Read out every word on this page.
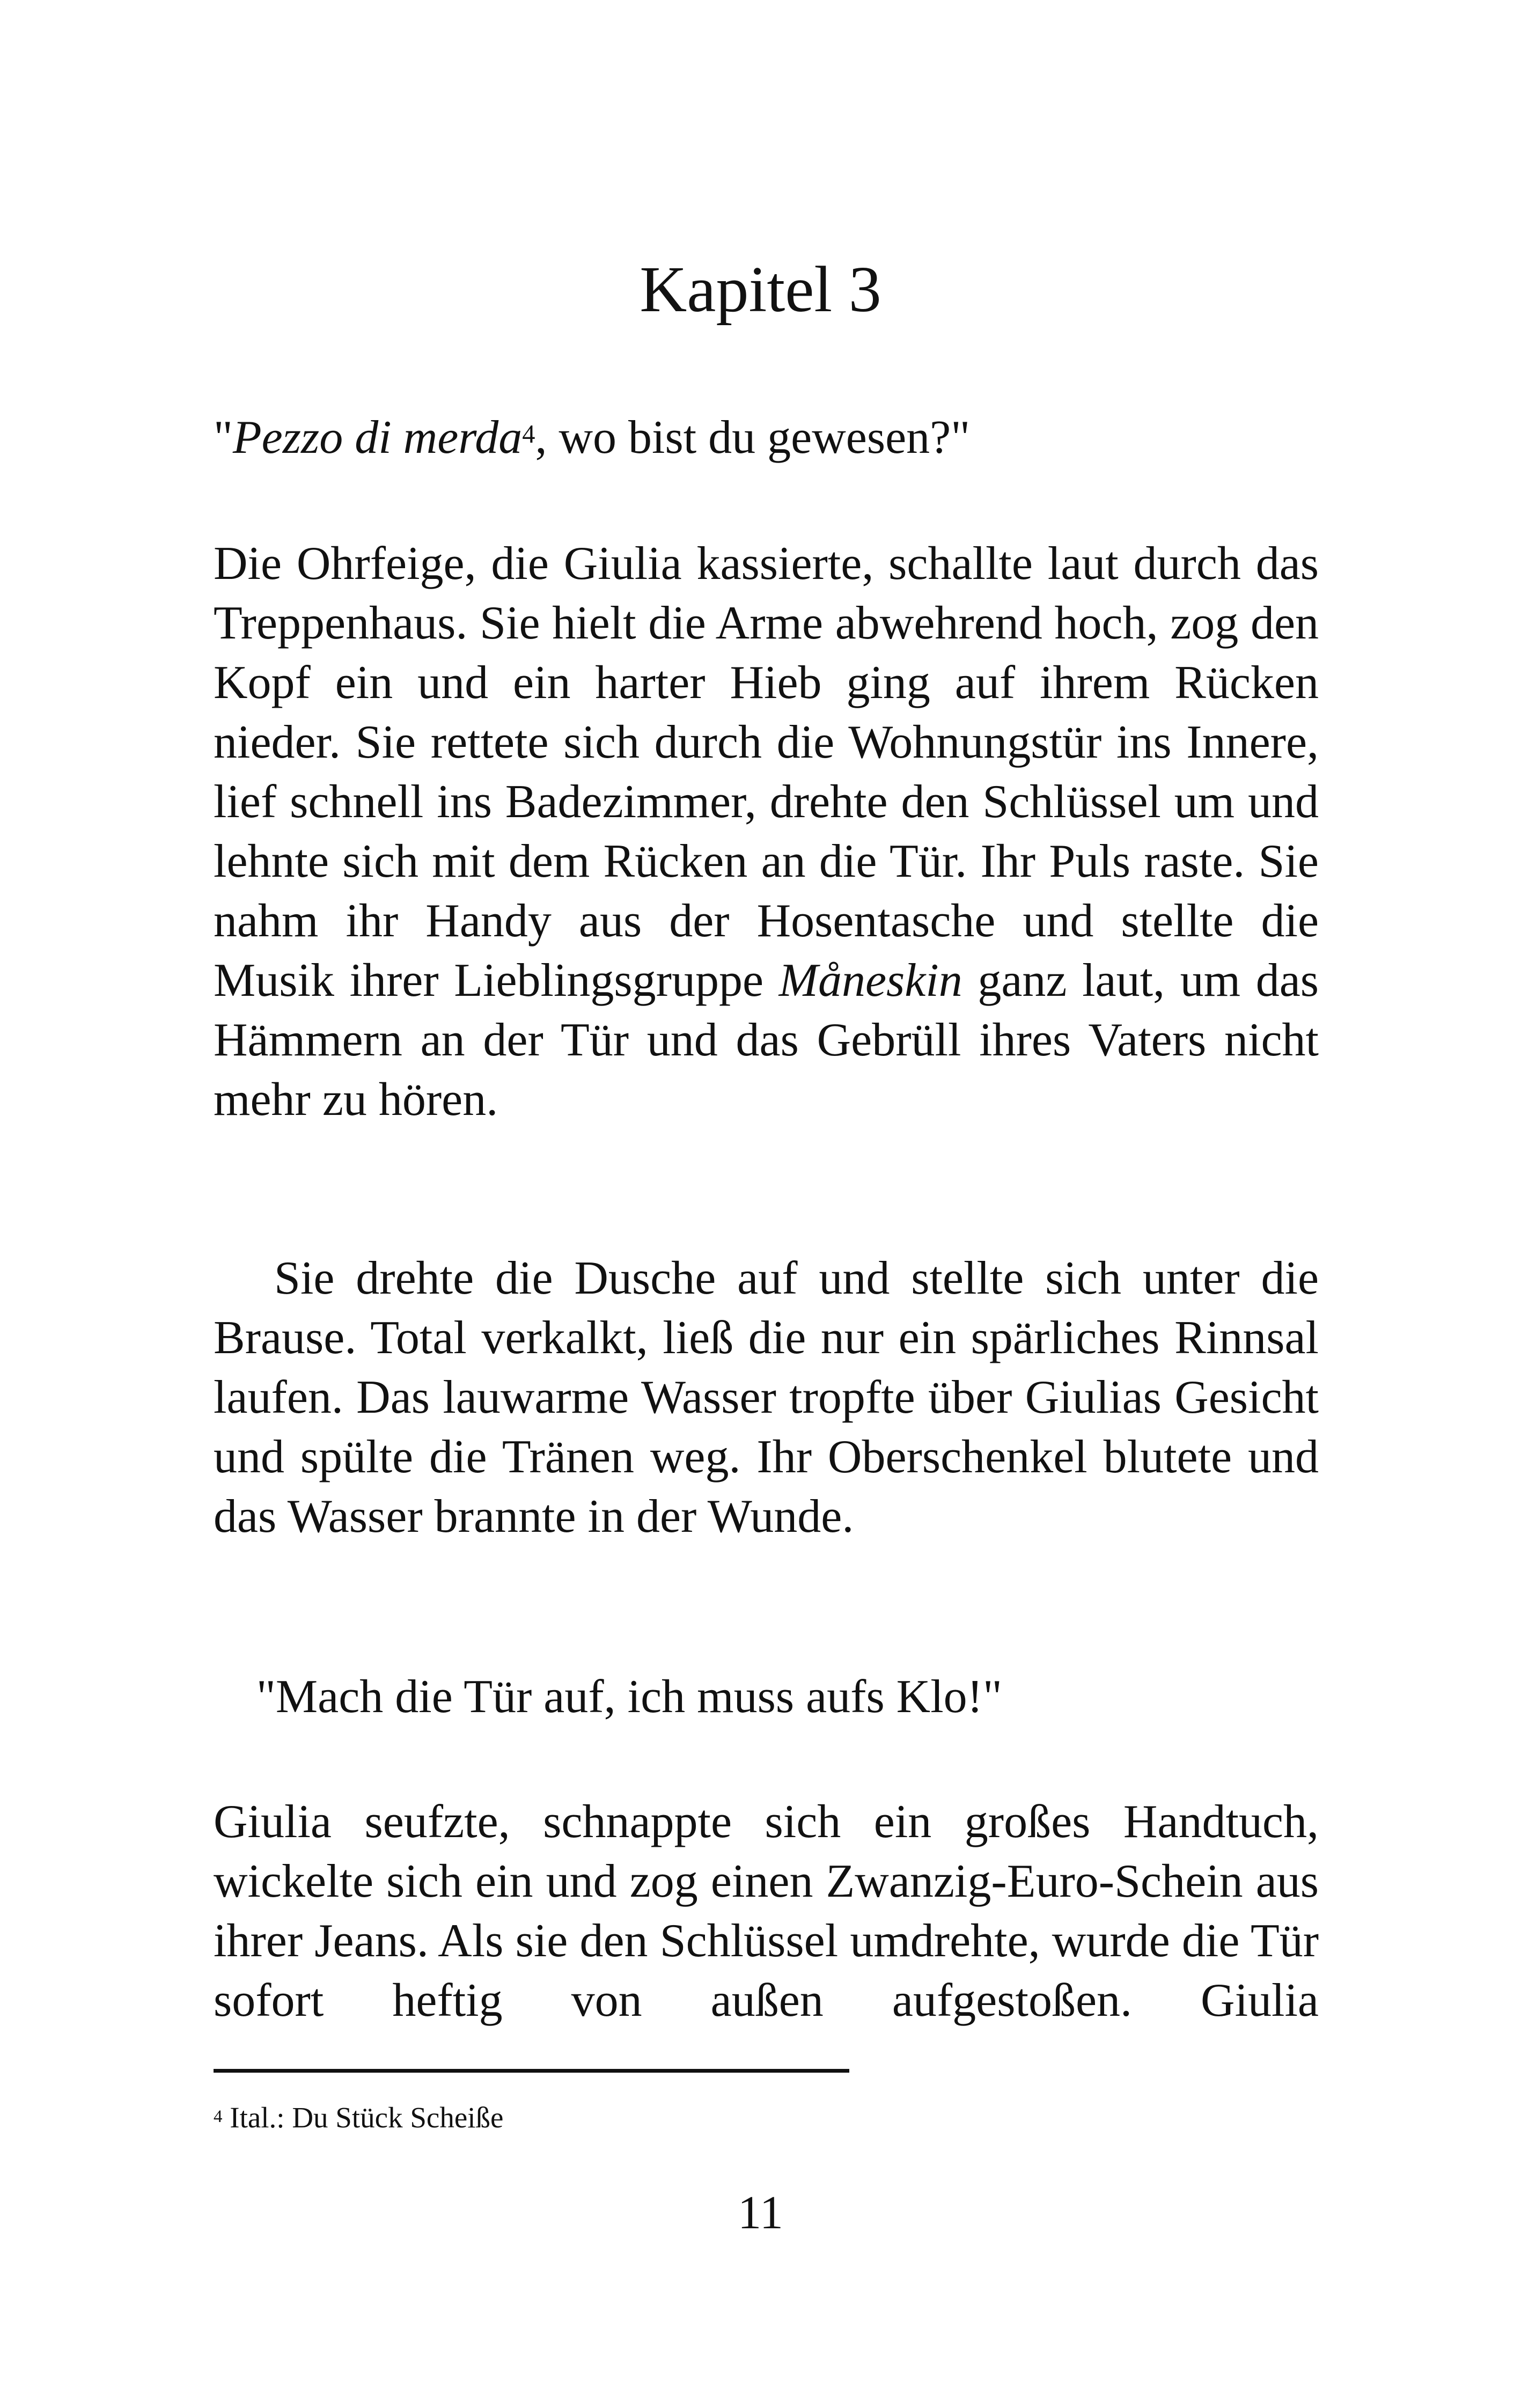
Kapitel 3

"Pezzo di merda$^4$, wo bist du gewesen?"

Die Ohrfeige, die Giulia kassierte, schallte laut durch das Treppenhaus. Sie hielt die Arme abwehrend hoch, zog den Kopf ein und ein harter Hieb ging auf ihrem Rücken nieder. Sie rettete sich durch die Wohnungstür ins Innere, lief schnell ins Badezimmer, drehte den Schlüssel um und lehnte sich mit dem Rücken an die Tür. Ihr Puls raste. Sie nahm ihr Handy aus der Hosentasche und stellte die Musik ihrer Lieblingsgruppe Måneskin ganz laut, um das Hämmern an der Tür und das Gebrüll ihres Vaters nicht mehr zu hören.

Sie drehte die Dusche auf und stellte sich unter die Brause. Total verkalkt, ließ die nur ein spärliches Rinnsal laufen. Das lauwarme Wasser tropfte über Giulias Gesicht und spülte die Tränen weg. Ihr Oberschenkel blutete und das Wasser brannte in der Wunde.

"Mach die Tür auf, ich muss aufs Klo!"

Giulia seufzte, schnappte sich ein großes Handtuch, wickelte sich ein und zog einen Zwanzig-Euro-Schein aus ihrer Jeans. Als sie den Schlüssel umdrehte, wurde die Tür sofort heftig von außen aufgestoßen. Giulia

$^4$ Ital.: Du Stück Scheiße

11
